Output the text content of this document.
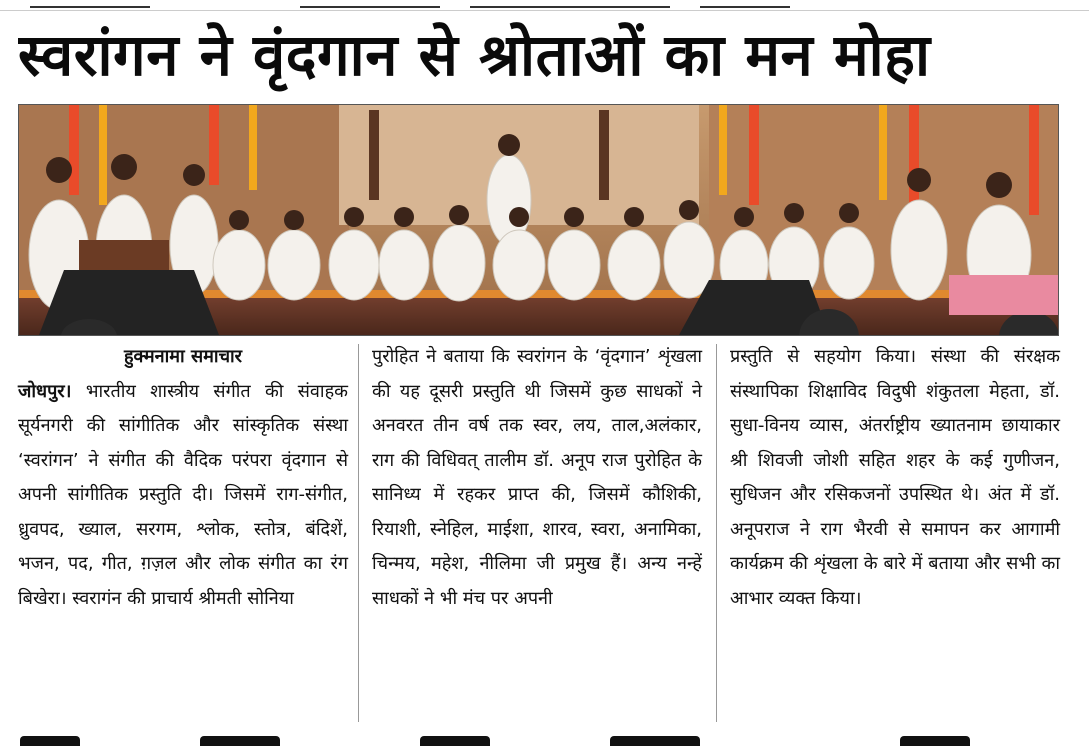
स्वरांगन ने वृंदगान से श्रोताओं का मन मोहा
हुक्मनामा समाचार

जोधपुर। भारतीय शास्त्रीय संगीत की संवाहक सूर्यनगरी की सांगीतिक और सांस्कृतिक संस्था ‘स्वरांगन’ ने संगीत की वैदिक परंपरा वृंदगान से अपनी सांगीतिक प्रस्तुति दी। जिसमें राग-संगीत, ध्रुवपद, ख्याल, सरगम, श्लोक, स्तोत्र, बंदिशें, भजन, पद, गीत, ग़ज़ल और लोक संगीत का रंग बिखेरा। स्वरागंन की प्राचार्य श्रीमती सोनिया

पुरोहित ने बताया कि स्वरांगन के ‘वृंदगान’ शृंखला की यह दूसरी प्रस्तुति थी जिसमें कुछ साधकों ने अनवरत तीन वर्ष तक स्वर, लय, ताल,अलंकार, राग की विधिवत् तालीम डॉ. अनूप राज पुरोहित के सानिध्य में रहकर प्राप्त की, जिसमें कौशिकी, रियाशी, स्नेहिल, माईशा, शारव, स्वरा, अनामिका, चिन्मय, महेश, नीलिमा जी प्रमुख हैं। अन्य नन्हें साधकों ने भी मंच पर अपनी

प्रस्तुति से सहयोग किया। संस्था की संरक्षक संस्थापिका शिक्षाविद विदुषी शंकुतला मेहता, डॉ. सुधा-विनय व्यास, अंतर्राष्ट्रीय ख्यातनाम छायाकार श्री शिवजी जोशी सहित शहर के कई गुणीजन, सुधिजन और रसिकजनों उपस्थित थे। अंत में डॉ. अनूपराज ने राग भैरवी से समापन कर आगामी कार्यक्रम की शृंखला के बारे में बताया और सभी का आभार व्यक्त किया।
